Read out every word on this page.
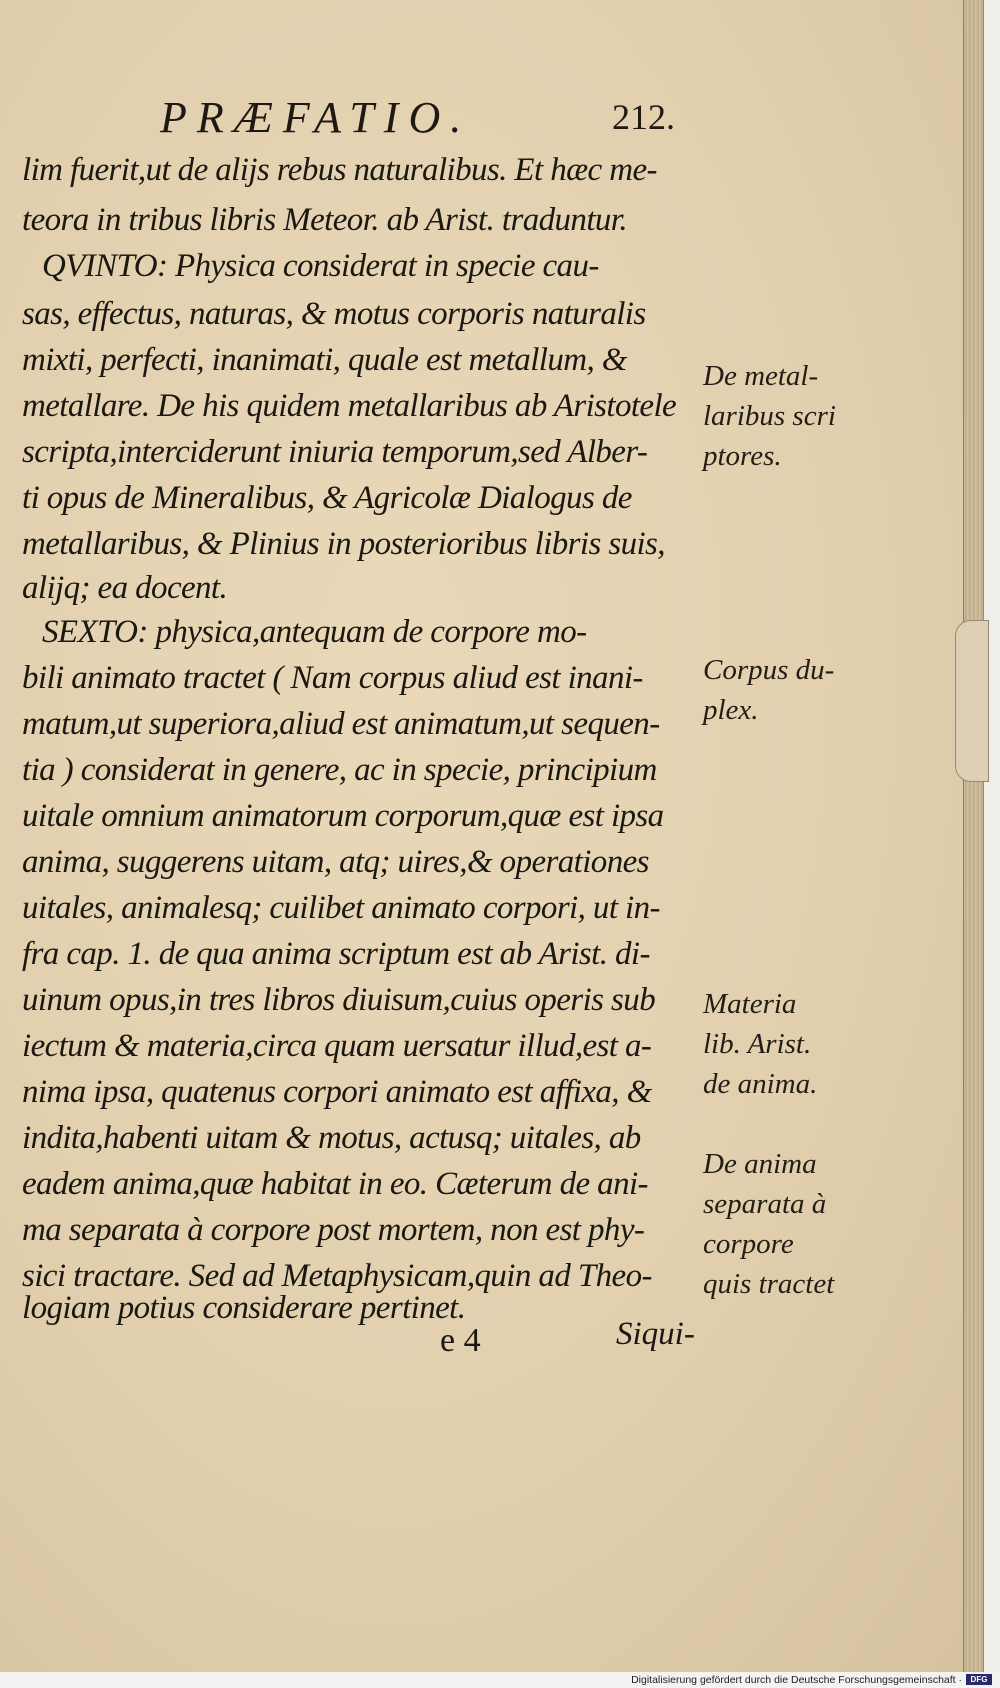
PRÆFATIO.	212.
lim fuerit,ut de alijs rebus naturalibus. Et hæc me-
teora in tribus libris Meteor. ab Arist. traduntur.
QVINTO: Physica considerat in specie cau-
sas, effectus, naturas, & motus corporis naturalis
mixti, perfecti, inanimati, quale est metallum, &
metallare. De his quidem metallaribus ab Aristotele
scripta,interciderunt iniuria temporum,sed Alber-
ti opus de Mineralibus, & Agricolæ Dialogus de
metallaribus, & Plinius in posterioribus libris suis,
alijq; ea docent.
SEXTO: physica,antequam de corpore mo-
bili animato tractet ( Nam corpus aliud est inani-
matum,ut superiora,aliud est animatum,ut sequen-
tia ) considerat in genere, ac in specie, principium
uitale omnium animatorum corporum,quæ est ipsa
anima, suggerens uitam, atq; uires,& operationes
uitales, animalesq; cuilibet animato corpori, ut in-
fra cap. 1. de qua anima scriptum est ab Arist. di-
uinum opus,in tres libros diuisum,cuius operis sub
iectum & materia,circa quam uersatur illud,est a-
nima ipsa, quatenus corpori animato est affixa, &
indita,habenti uitam & motus, actusq; uitales, ab
eadem anima,quæ habitat in eo. Cæterum de ani-
ma separata à corpore post mortem, non est phy-
sici tractare. Sed ad Metaphysicam,quin ad Theo-
logiam potius considerare pertinet.
De metal-
laribus scri
ptores.
Corpus du-
plex.
Materia
lib. Arist.
de anima.
De anima
separata à
corpore
quis tractet
e 4	Siqui-
Digitalisierung gefördert durch die Deutsche Forschungsgemeinschaft ·	DFG
